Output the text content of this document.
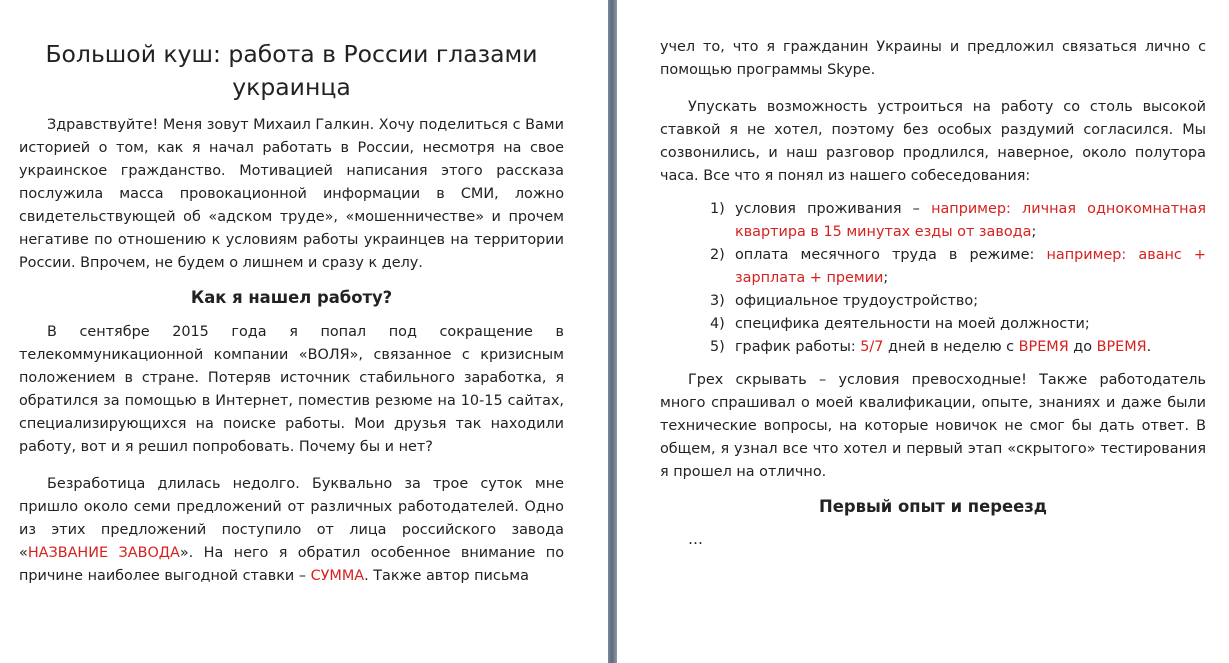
Большой куш: работа в России глазами украинца

Здравствуйте! Меня зовут Михаил Галкин. Хочу поделиться с Вами историей о том, как я начал работать в России, несмотря на свое украинское гражданство. Мотивацией написания этого рассказа послужила масса провокационной информации в СМИ, ложно свидетельствующей об «адском труде», «мошенничестве» и прочем негативе по отношению к условиям работы украинцев на территории России. Впрочем, не будем о лишнем и сразу к делу.

Как я нашел работу?

В сентябре 2015 года я попал под сокращение в телекоммуникационной компании «ВОЛЯ», связанное с кризисным положением в стране. Потеряв источник стабильного заработка, я обратился за помощью в Интернет, поместив резюме на 10-15 сайтах, специализирующихся на поиске работы. Мои друзья так находили работу, вот и я решил попробовать. Почему бы и нет?

Безработица длилась недолго. Буквально за трое суток мне пришло около семи предложений от различных работодателей. Одно из этих предложений поступило от лица российского завода «НАЗВАНИЕ ЗАВОДА». На него я обратил особенное внимание по причине наиболее выгодной ставки – СУММА. Также автор письма

учел то, что я гражданин Украины и предложил связаться лично с помощью программы Skype.

Упускать возможность устроиться на работу со столь высокой ставкой я не хотел, поэтому без особых раздумий согласился. Мы созвонились, и наш разговор продлился, наверное, около полутора часа. Все что я понял из нашего собеседования:

1) условия проживания – например: личная однокомнатная квартира в 15 минутах езды от завода;
2) оплата месячного труда в режиме: например: аванс + зарплата + премии;
3) официальное трудоустройство;
4) специфика деятельности на моей должности;
5) график работы: 5/7 дней в неделю с ВРЕМЯ до ВРЕМЯ.

Грех скрывать – условия превосходные! Также работодатель много спрашивал о моей квалификации, опыте, знаниях и даже были технические вопросы, на которые новичок не смог бы дать ответ. В общем, я узнал все что хотел и первый этап «скрытого» тестирования я прошел на отлично.

Первый опыт и переезд
…
